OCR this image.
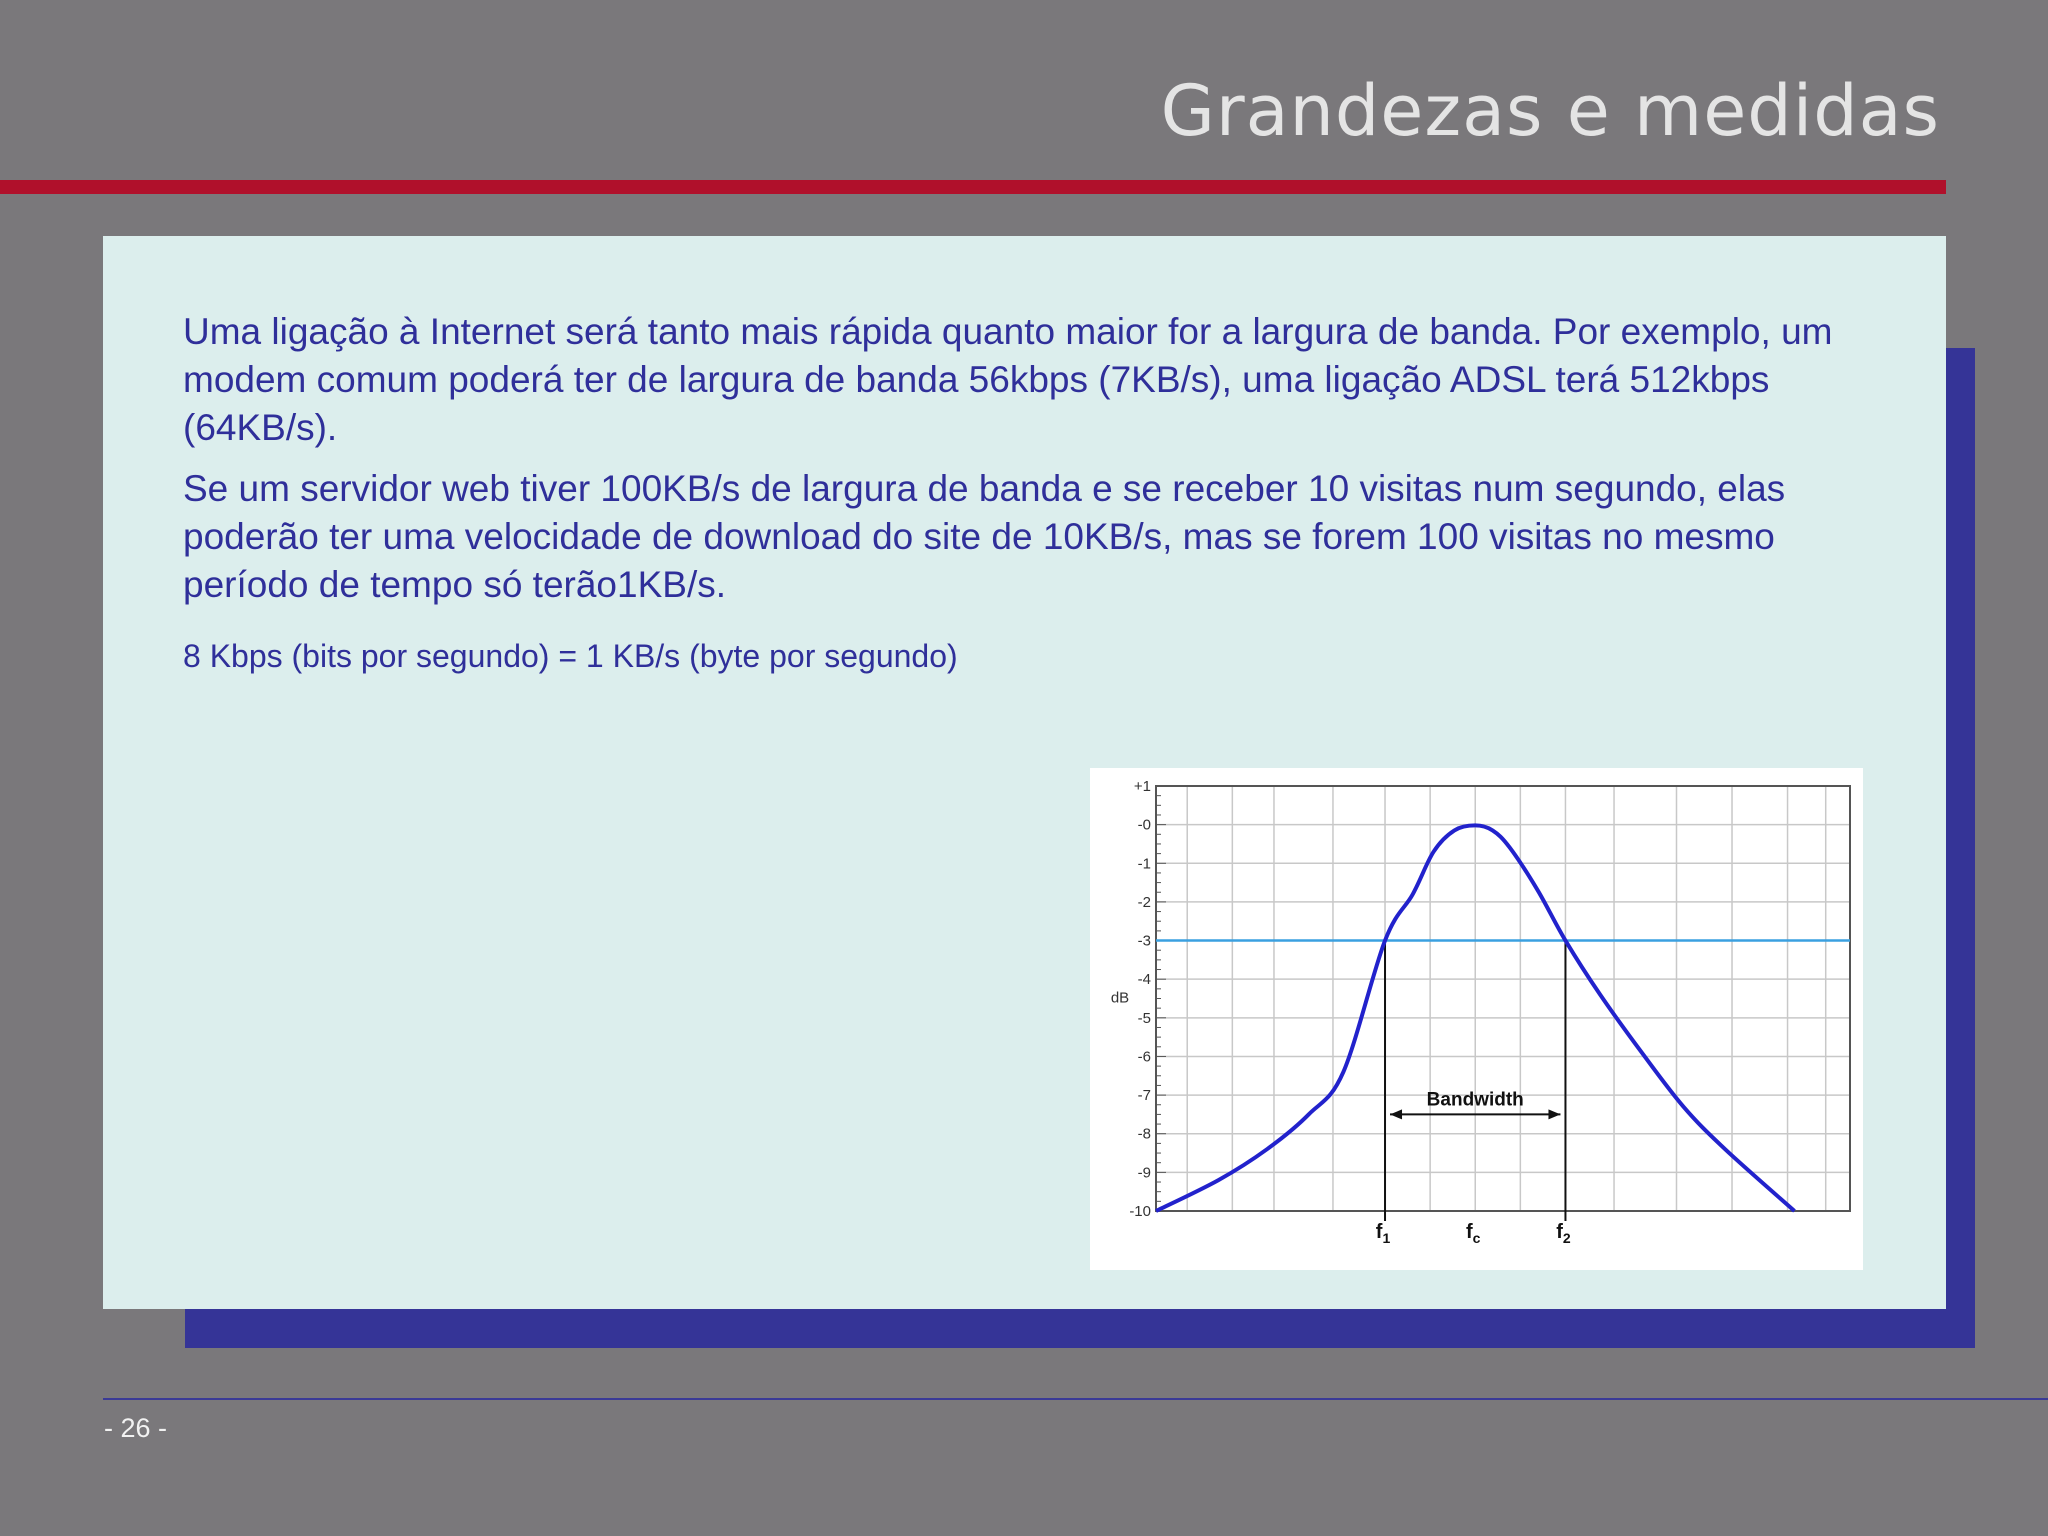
Grandezas e medidas

Uma ligação à Internet será tanto mais rápida quanto maior for a largura de banda. Por exemplo, um modem comum poderá ter de largura de banda 56kbps (7KB/s), uma ligação ADSL terá 512kbps (64KB/s).

Se um servidor web tiver 100KB/s de largura de banda e se receber 10 visitas num segundo, elas poderão ter uma velocidade de download do site de 10KB/s, mas se forem 100 visitas no mesmo período de tempo só terão1KB/s.

8 Kbps (bits por segundo) = 1 KB/s (byte por segundo)

+1
-0
-1
-2
-3
-4
-5
-6
-7
-8
-9
-10
dB
Bandwidth
$f_1$	$f_c$	$f_2$
- 26 -
